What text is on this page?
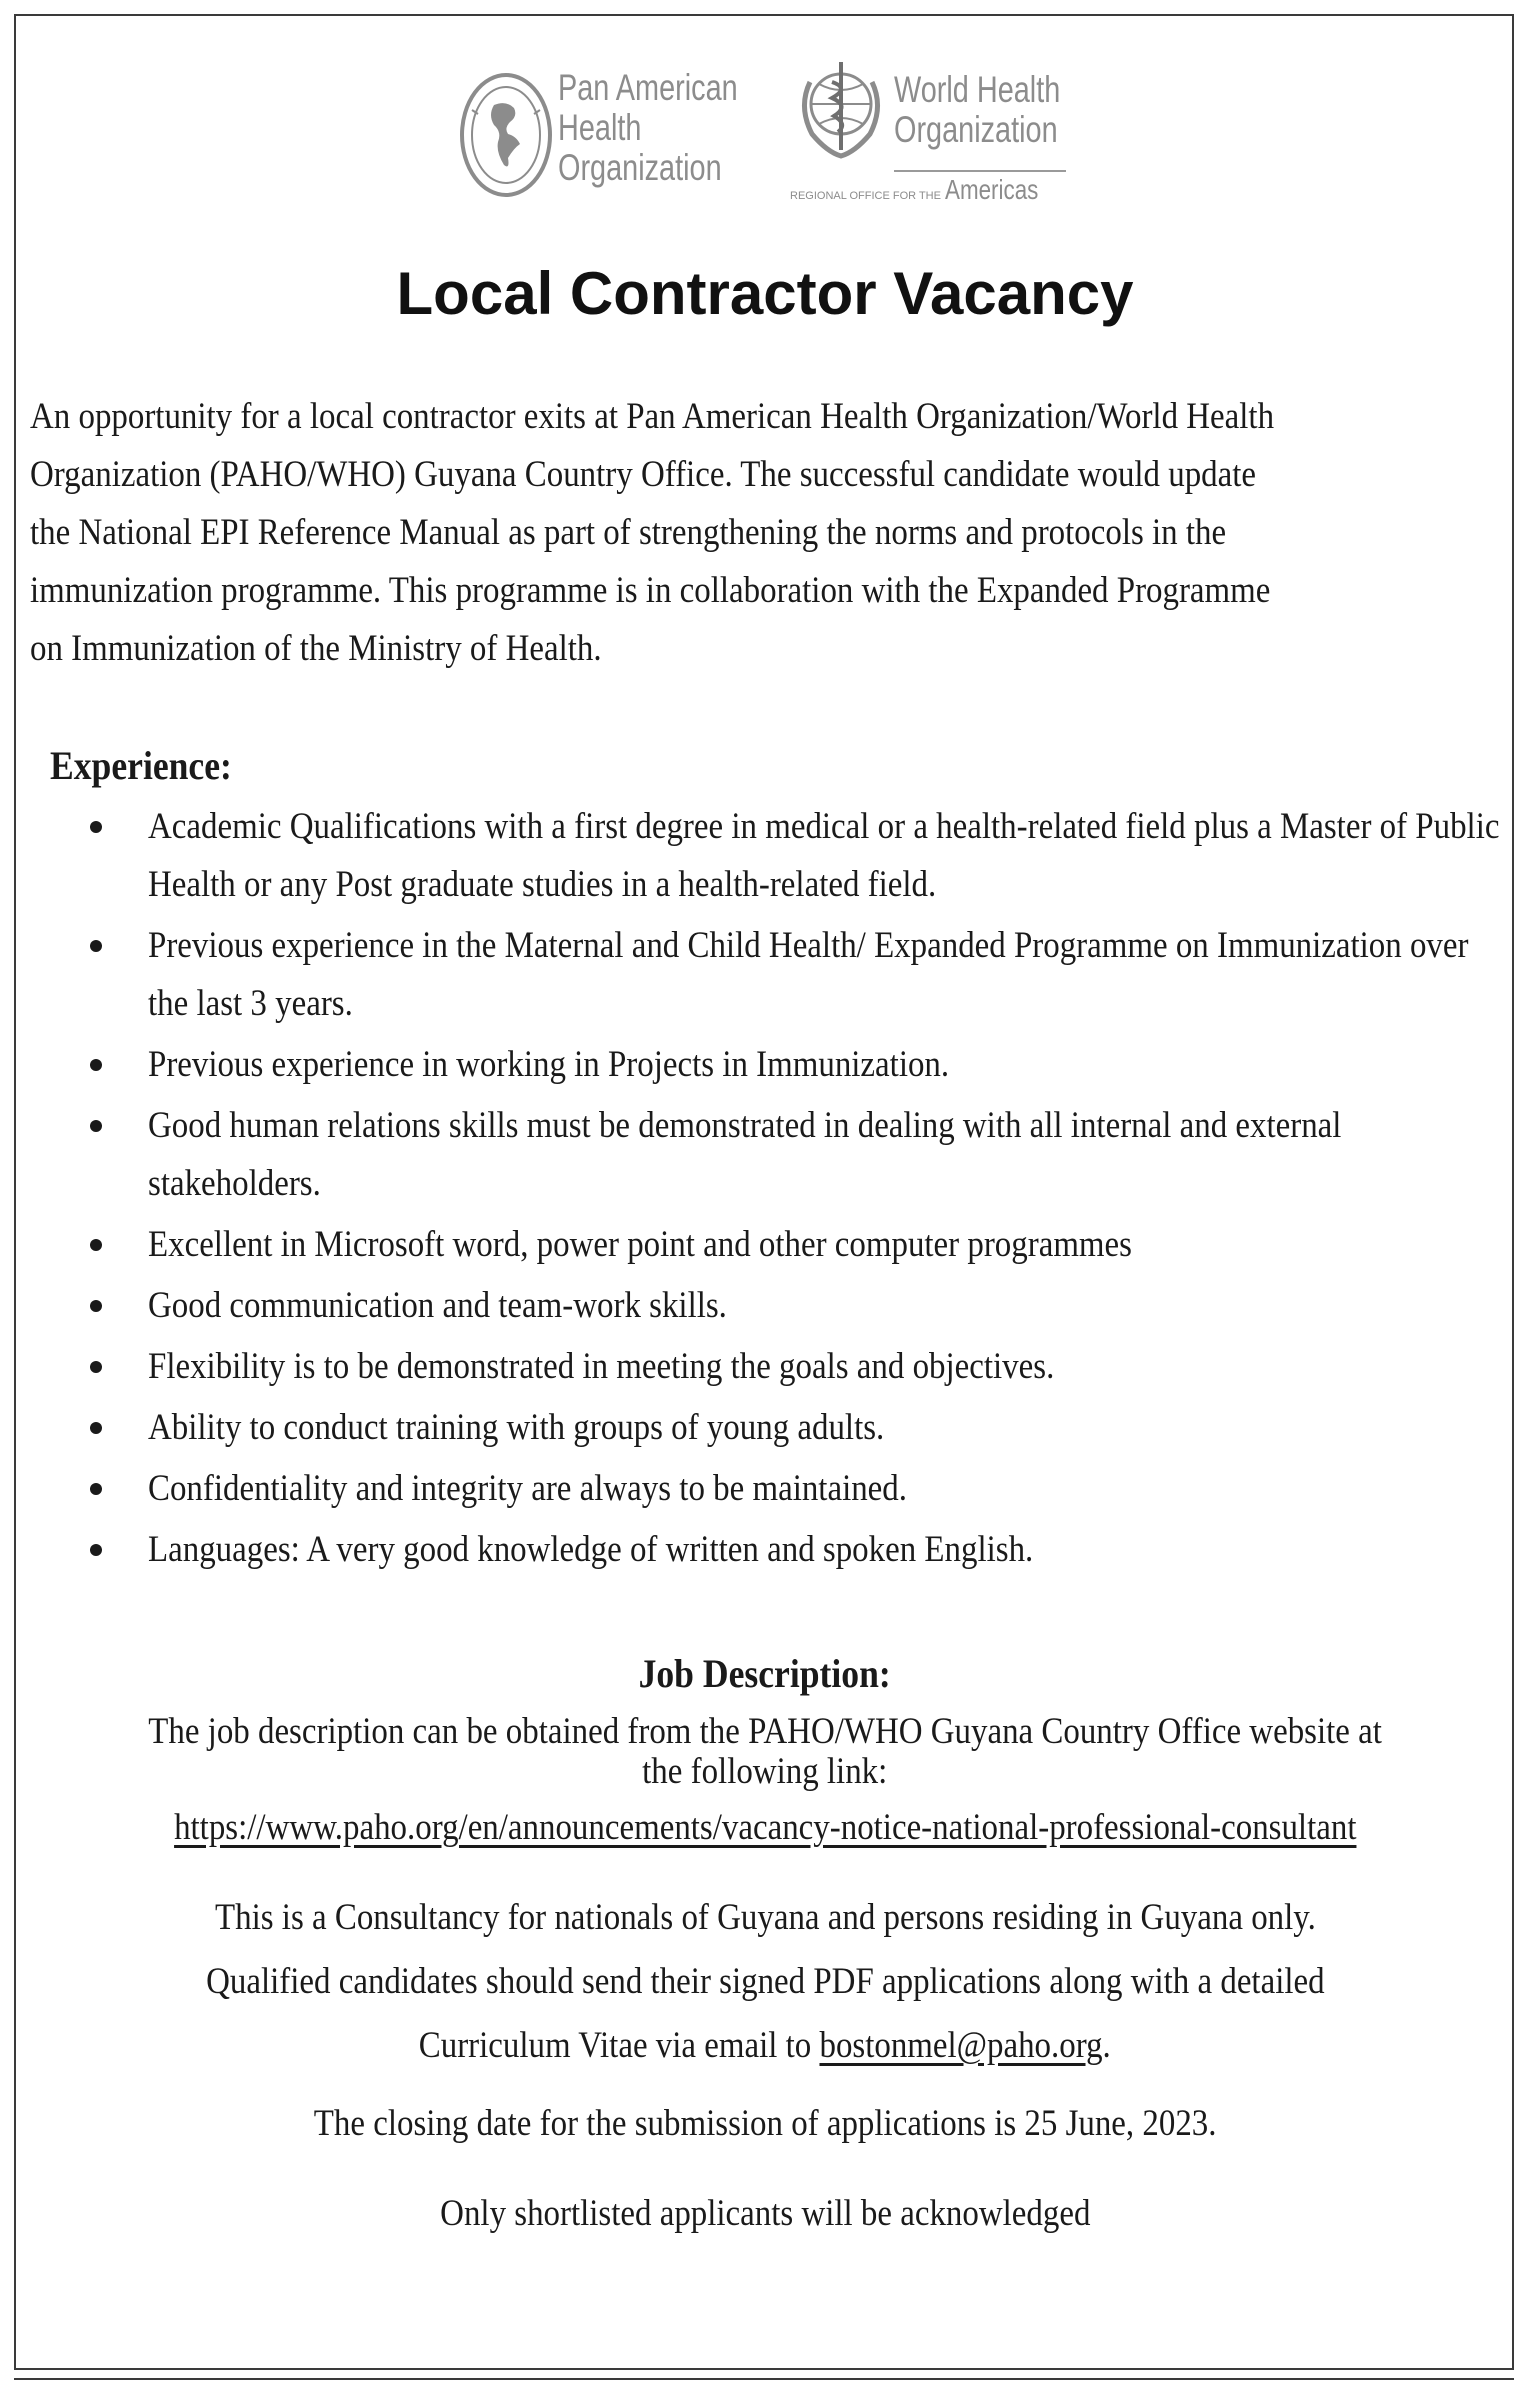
Pan American
Health
Organization
World Health
Organization
REGIONAL OFFICE FOR THE Americas
Local Contractor Vacancy
An opportunity for a local contractor exits at Pan American Health Organization/World Health
Organization (PAHO/WHO) Guyana Country Office. The successful candidate would update
the National EPI Reference Manual as part of strengthening the norms and protocols in the
immunization programme. This programme is in collaboration with the Expanded Programme
on Immunization of the Ministry of Health.
Experience:
Academic Qualifications with a first degree in medical or a health-related field plus a Master of Public Health or any Post graduate studies in a health-related field.
Previous experience in the Maternal and Child Health/ Expanded Programme on Immunization over the last 3 years.
Previous experience in working in Projects in Immunization.
Good human relations skills must be demonstrated in dealing with all internal and external stakeholders.
Excellent in Microsoft word, power point and other computer programmes
Good communication and team-work skills.
Flexibility is to be demonstrated in meeting the goals and objectives.
Ability to conduct training with groups of young adults.
Confidentiality and integrity are always to be maintained.
Languages: A very good knowledge of written and spoken English.
Job Description:
The job description can be obtained from the PAHO/WHO Guyana Country Office website at
the following link:
https://www.paho.org/en/announcements/vacancy-notice-national-professional-consultant
This is a Consultancy for nationals of Guyana and persons residing in Guyana only.
Qualified candidates should send their signed PDF applications along with a detailed
Curriculum Vitae via email to bostonmel@paho.org.
The closing date for the submission of applications is 25 June, 2023.
Only shortlisted applicants will be acknowledged
